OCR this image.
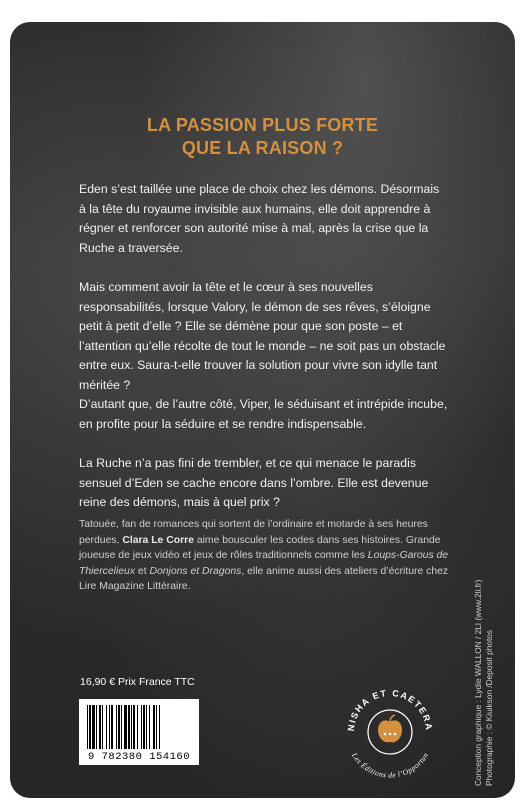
LA PASSION PLUS FORTE
QUE LA RAISON ?

Eden s’est taillée une place de choix chez les démons. Désormais à la tête du royaume invisible aux humains, elle doit apprendre à régner et renforcer son autorité mise à mal, après la crise que la Ruche a traversée.

Mais comment avoir la tête et le cœur à ses nouvelles responsabilités, lorsque Valory, le démon de ses rêves, s’éloigne petit à petit d’elle ? Elle se démène pour que son poste – et l’attention qu’elle récolte de tout le monde – ne soit pas un obstacle entre eux. Saura-t-elle trouver la solution pour vivre son idylle tant méritée ?

D’autant que, de l’autre côté, Viper, le séduisant et intrépide incube, en profite pour la séduire et se rendre indispensable.

La Ruche n’a pas fini de trembler, et ce qui menace le paradis sensuel d’Eden se cache encore dans l’ombre. Elle est devenue reine des démons, mais à quel prix ?

Tatouée, fan de romances qui sortent de l’ordinaire et motarde à ses heures perdues, Clara Le Corre aime bousculer les codes dans ses histoires. Grande joueuse de jeux vidéo et jeux de rôles traditionnels comme les Loups-Garous de Thiercelieux et Donjons et Dragons, elle anime aussi des ateliers d’écriture chez Lire Magazine Littéraire.

16,90 € Prix France TTC
9 782380 154160
NISHA ET CAETERA
Les Éditions de l’Opportun	Conception graphique : Lydie WALLON / 2LI (www.2li.fr) Photographie : © Kiuikson /Deposit photos
